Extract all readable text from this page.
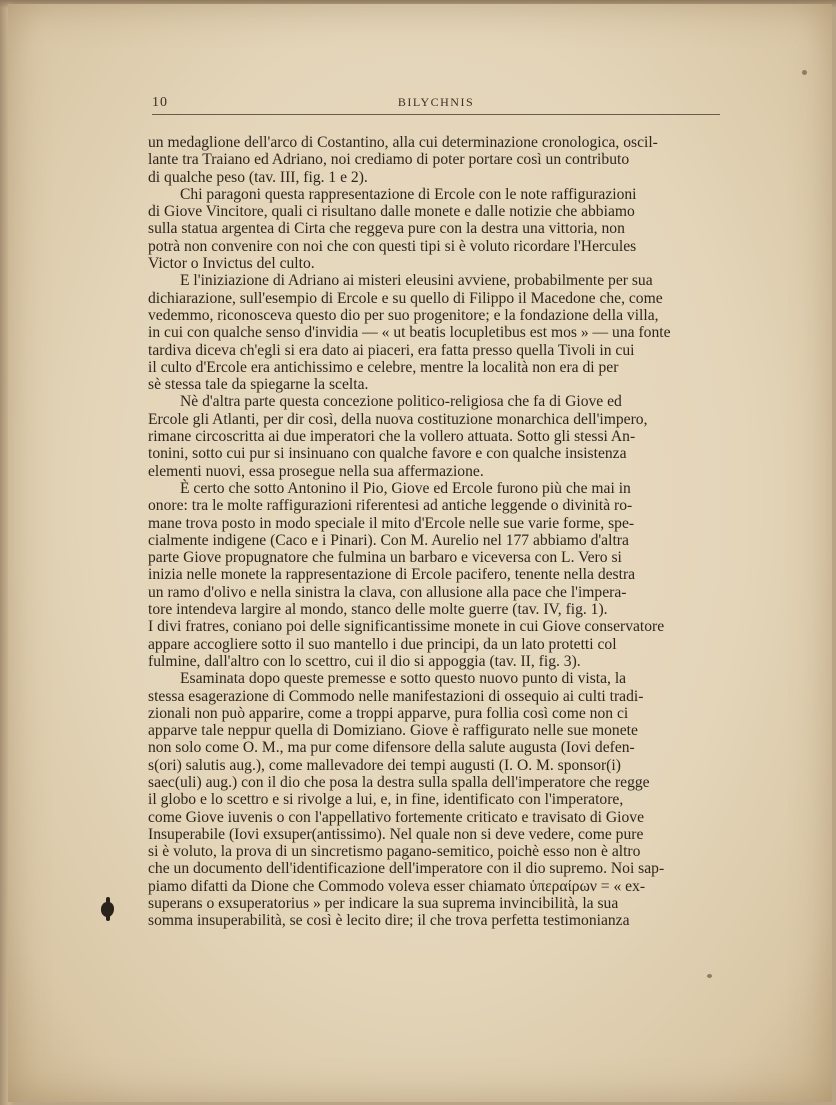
10	BILYCHNIS
un medaglione dell'arco di Costantino, alla cui determinazione cronologica, oscil-
lante tra Traiano ed Adriano, noi crediamo di poter portare così un contributo
di qualche peso (tav. III, fig. 1 e 2).
Chi paragoni questa rappresentazione di Ercole con le note raffigurazioni
di Giove Vincitore, quali ci risultano dalle monete e dalle notizie che abbiamo
sulla statua argentea di Cirta che reggeva pure con la destra una vittoria, non
potrà non convenire con noi che con questi tipi si è voluto ricordare l'Hercules
Victor o Invictus del culto.
E l'iniziazione di Adriano ai misteri eleusini avviene, probabilmente per sua
dichiarazione, sull'esempio di Ercole e su quello di Filippo il Macedone che, come
vedemmo, riconosceva questo dio per suo progenitore; e la fondazione della villa,
in cui con qualche senso d'invidia — « ut beatis locupletibus est mos » — una fonte
tardiva diceva ch'egli si era dato ai piaceri, era fatta presso quella Tivoli in cui
il culto d'Ercole era antichissimo e celebre, mentre la località non era di per
sè stessa tale da spiegarne la scelta.
Nè d'altra parte questa concezione politico-religiosa che fa di Giove ed
Ercole gli Atlanti, per dir così, della nuova costituzione monarchica dell'impero,
rimane circoscritta ai due imperatori che la vollero attuata. Sotto gli stessi An-
tonini, sotto cui pur si insinuano con qualche favore e con qualche insistenza
elementi nuovi, essa prosegue nella sua affermazione.
È certo che sotto Antonino il Pio, Giove ed Ercole furono più che mai in
onore: tra le molte raffigurazioni riferentesi ad antiche leggende o divinità ro-
mane trova posto in modo speciale il mito d'Ercole nelle sue varie forme, spe-
cialmente indigene (Caco e i Pinari). Con M. Aurelio nel 177 abbiamo d'altra
parte Giove propugnatore che fulmina un barbaro e viceversa con L. Vero si
inizia nelle monete la rappresentazione di Ercole pacifero, tenente nella destra
un ramo d'olivo e nella sinistra la clava, con allusione alla pace che l'impera-
tore intendeva largire al mondo, stanco delle molte guerre (tav. IV, fig. 1).
I divi fratres, coniano poi delle significantissime monete in cui Giove conservatore
appare accogliere sotto il suo mantello i due principi, da un lato protetti col
fulmine, dall'altro con lo scettro, cui il dio si appoggia (tav. II, fig. 3).
Esaminata dopo queste premesse e sotto questo nuovo punto di vista, la
stessa esagerazione di Commodo nelle manifestazioni di ossequio ai culti tradi-
zionali non può apparire, come a troppi apparve, pura follia così come non ci
apparve tale neppur quella di Domiziano. Giove è raffigurato nelle sue monete
non solo come O. M., ma pur come difensore della salute augusta (Iovi defen-
s(ori) salutis aug.), come mallevadore dei tempi augusti (I. O. M. sponsor(i)
saec(uli) aug.) con il dio che posa la destra sulla spalla dell'imperatore che regge
il globo e lo scettro e si rivolge a lui, e, in fine, identificato con l'imperatore,
come Giove iuvenis o con l'appellativo fortemente criticato e travisato di Giove
Insuperabile (Iovi exsuper(antissimo). Nel quale non si deve vedere, come pure
si è voluto, la prova di un sincretismo pagano-semitico, poichè esso non è altro
che un documento dell'identificazione dell'imperatore con il dio supremo. Noi sap-
piamo difatti da Dione che Commodo voleva esser chiamato ὑπεραίρων = « ex-
superans o exsuperatorius » per indicare la sua suprema invincibilità, la sua
somma insuperabilità, se così è lecito dire; il che trova perfetta testimonianza
